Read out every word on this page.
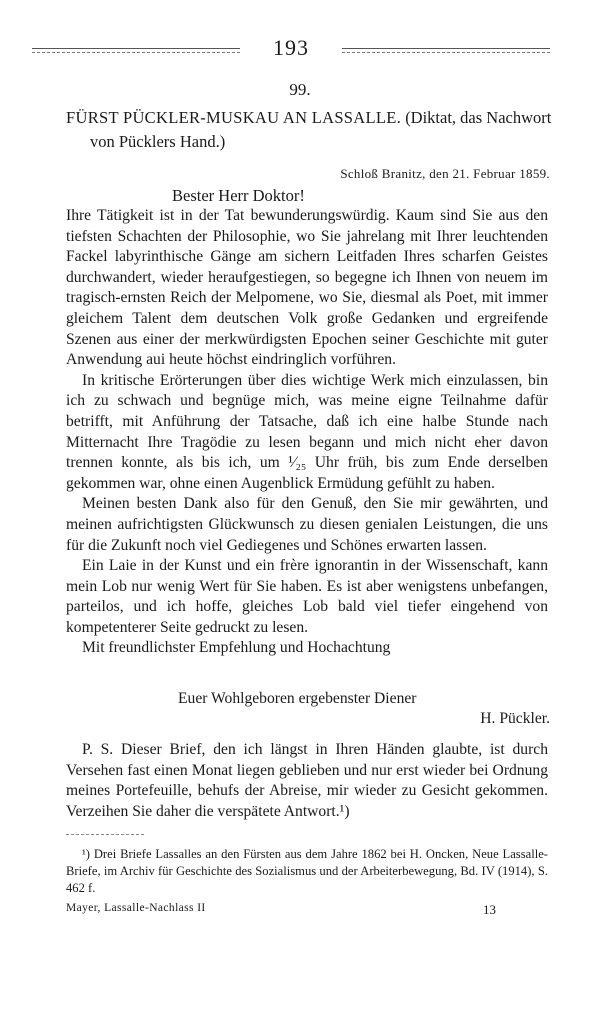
193
99.
FÜRST PÜCKLER-MUSKAU AN LASSALLE. (Diktat, das Nachwort von Pücklers Hand.)
Schloß Branitz, den 21. Februar 1859.
Bester Herr Doktor!

Ihre Tätigkeit ist in der Tat bewunderungswürdig. Kaum sind Sie aus den tiefsten Schachten der Philosophie, wo Sie jahrelang mit Ihrer leuchtenden Fackel labyrinthische Gänge am sichern Leitfaden Ihres scharfen Geistes durchwandert, wieder heraufgestiegen, so begegne ich Ihnen von neuem im tragisch-ernsten Reich der Melpomene, wo Sie, diesmal als Poet, mit immer gleichem Talent dem deutschen Volk große Gedanken und ergreifende Szenen aus einer der merkwürdigsten Epochen seiner Geschichte mit guter Anwendung aui heute höchst eindringlich vorführen.

In kritische Erörterungen über dies wichtige Werk mich einzulassen, bin ich zu schwach und begnüge mich, was meine eigne Teilnahme dafür betrifft, mit Anführung der Tatsache, daß ich eine halbe Stunde nach Mitternacht Ihre Tragödie zu lesen begann und mich nicht eher davon trennen konnte, als bis ich, um ¹⁄₂₅ Uhr früh, bis zum Ende derselben gekommen war, ohne einen Augenblick Ermüdung gefühlt zu haben.

Meinen besten Dank also für den Genuß, den Sie mir gewährten, und meinen aufrichtigsten Glückwunsch zu diesen genialen Leistungen, die uns für die Zukunft noch viel Gediegenes und Schönes erwarten lassen.

Ein Laie in der Kunst und ein frère ignorantin in der Wissenschaft, kann mein Lob nur wenig Wert für Sie haben. Es ist aber wenigstens unbefangen, parteilos, und ich hoffe, gleiches Lob bald viel tiefer eingehend von kompetenterer Seite gedruckt zu lesen.

Mit freundlichster Empfehlung und Hochachtung

Euer Wohlgeboren ergebenster Diener
H. Pückler.
P. S. Dieser Brief, den ich längst in Ihren Händen glaubte, ist durch Versehen fast einen Monat liegen geblieben und nur erst wieder bei Ordnung meines Portefeuille, behufs der Abreise, mir wieder zu Gesicht gekommen. Verzeihen Sie daher die verspätete Antwort.¹)
¹) Drei Briefe Lassalles an den Fürsten aus dem Jahre 1862 bei H. Oncken, Neue Lassalle-Briefe, im Archiv für Geschichte des Sozialismus und der Arbeiterbewegung, Bd. IV (1914), S. 462 f.
Mayer, Lassalle-Nachlass II	13
